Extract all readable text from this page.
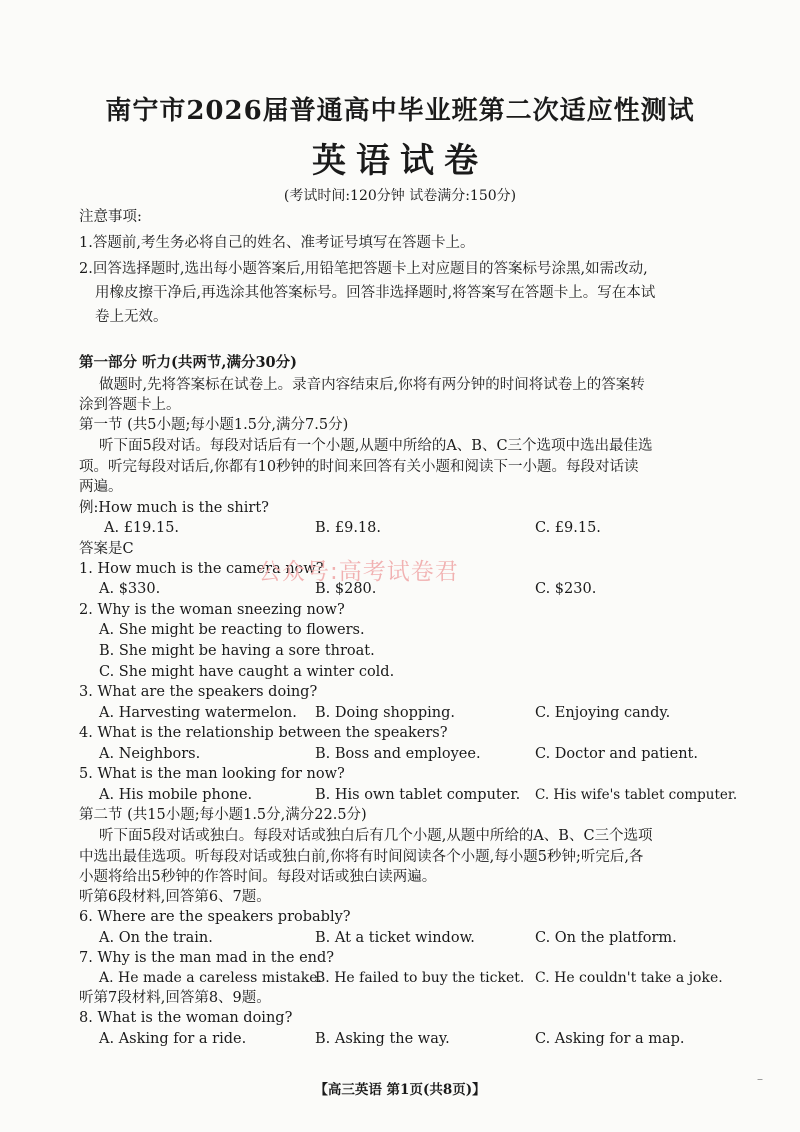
南宁市2026届普通高中毕业班第二次适应性测试
英语试卷
(考试时间:120分钟 试卷满分:150分)
注意事项:
1.答题前,考生务必将自己的姓名、准考证号填写在答题卡上。
2.回答选择题时,选出每小题答案后,用铅笔把答题卡上对应题目的答案标号涂黑,如需改动,
用橡皮擦干净后,再选涂其他答案标号。回答非选择题时,将答案写在答题卡上。写在本试
卷上无效。
第一部分 听力(共两节,满分30分)
做题时,先将答案标在试卷上。录音内容结束后,你将有两分钟的时间将试卷上的答案转
涂到答题卡上。
第一节 (共5小题;每小题1.5分,满分7.5分)
听下面5段对话。每段对话后有一个小题,从题中所给的A、B、C三个选项中选出最佳选
项。听完每段对话后,你都有10秒钟的时间来回答有关小题和阅读下一小题。每段对话读
两遍。
例:How much is the shirt?
A. £19.15.	B. £9.18.	C. £9.15.
答案是C
1. How much is the camera now?
A. $330.	B. $280.	C. $230.
2. Why is the woman sneezing now?
A. She might be reacting to flowers.
B. She might be having a sore throat.
C. She might have caught a winter cold.
3. What are the speakers doing?
A. Harvesting watermelon. B. Doing shopping.	C. Enjoying candy.
4. What is the relationship between the speakers?
A. Neighbors.	B. Boss and employee.	C. Doctor and patient.
5. What is the man looking for now?
A. His mobile phone.	B. His own tablet computer. C. His wife's tablet computer.
第二节 (共15小题;每小题1.5分,满分22.5分)
听下面5段对话或独白。每段对话或独白后有几个小题,从题中所给的A、B、C三个选项
中选出最佳选项。听每段对话或独白前,你将有时间阅读各个小题,每小题5秒钟;听完后,各
小题将给出5秒钟的作答时间。每段对话或独白读两遍。
听第6段材料,回答第6、7题。
6. Where are the speakers probably?
A. On the train.	B. At a ticket window.	C. On the platform.
7. Why is the man mad in the end?
A. He made a careless mistake.
B. He failed to buy the ticket. C. He couldn't take a joke.
听第7段材料,回答第8、9题。
8. What is the woman doing?
A. Asking for a ride.	B. Asking the way.	C. Asking for a map.
公众号:高考试卷君
【高三英语 第1页(共8页)】
–
